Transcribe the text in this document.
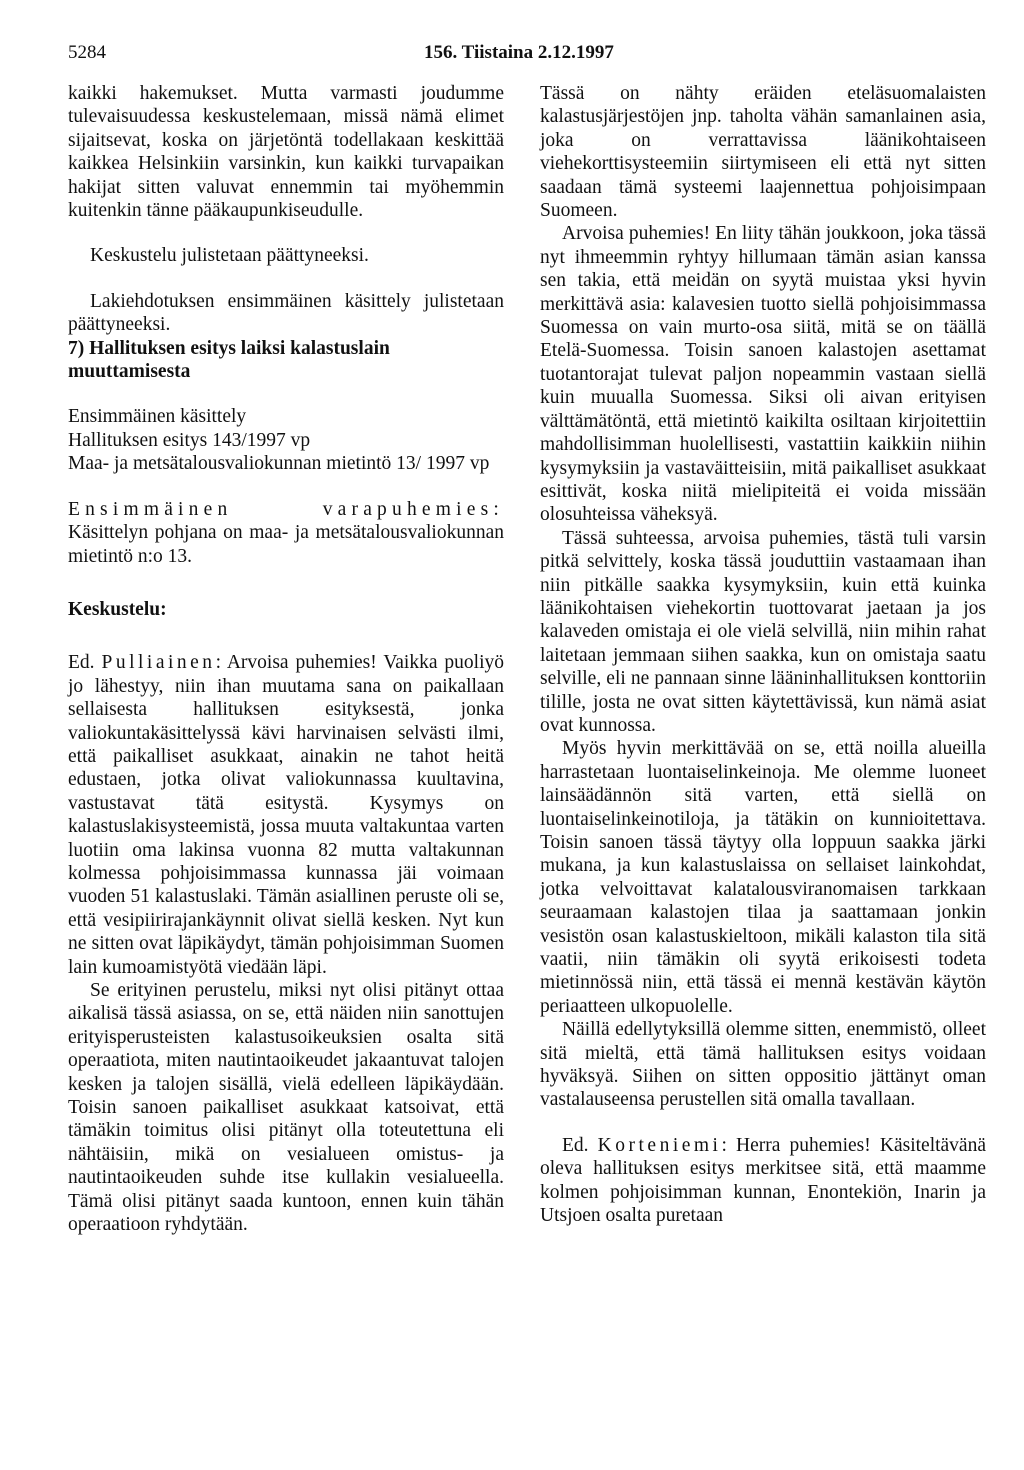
5284	156. Tiistaina 2.12.1997

kaikki hakemukset. Mutta varmasti joudumme tulevaisuudessa keskustelemaan, missä nämä elimet sijaitsevat, koska on järjetöntä todellakaan keskittää kaikkea Helsinkiin varsinkin, kun kaikki turvapaikan hakijat sitten valuvat ennemmin tai myöhemmin kuitenkin tänne pääkaupunkiseudulle.

Keskustelu julistetaan päättyneeksi.

Lakiehdotuksen ensimmäinen käsittely julistetaan päättyneeksi.

7) Hallituksen esitys laiksi kalastuslain muuttamisesta

Ensimmäinen käsittely

Hallituksen esitys 143/1997 vp

Maa- ja metsätalousvaliokunnan mietintö 13/ 1997 vp

Ensimmäinen varapuhemies: Käsittelyn pohjana on maa- ja metsätalousvaliokunnan mietintö n:o 13.

Keskustelu:

Ed. Pulliainen: Arvoisa puhemies! Vaikka puoliyö jo lähestyy, niin ihan muutama sana on paikallaan sellaisesta hallituksen esityksestä, jonka valiokuntakäsittelyssä kävi harvinaisen selvästi ilmi, että paikalliset asukkaat, ainakin ne tahot heitä edustaen, jotka olivat valiokunnassa kuultavina, vastustavat tätä esitystä. Kysymys on kalastuslakisysteemistä, jossa muuta valtakuntaa varten luotiin oma lakinsa vuonna 82 mutta valtakunnan kolmessa pohjoisimmassa kunnassa jäi voimaan vuoden 51 kalastuslaki. Tämän asiallinen peruste oli se, että vesipiirirajankäynnit olivat siellä kesken. Nyt kun ne sitten ovat läpikäydyt, tämän pohjoisimman Suomen lain kumoamistyötä viedään läpi.

Se erityinen perustelu, miksi nyt olisi pitänyt ottaa aikalisä tässä asiassa, on se, että näiden niin sanottujen erityisperusteisten kalastusoikeuksien osalta sitä operaatiota, miten nautintaoikeudet jakaantuvat talojen kesken ja talojen sisällä, vielä edelleen läpikäydään. Toisin sanoen paikalliset asukkaat katsoivat, että tämäkin toimitus olisi pitänyt olla toteutettuna eli nähtäisiin, mikä on vesialueen omistus- ja nautintaoikeuden suhde itse kullakin vesialueella. Tämä olisi pitänyt saada kuntoon, ennen kuin tähän operaatioon ryhdytään.

Tässä on nähty eräiden eteläsuomalaisten kalastusjärjestöjen jnp. taholta vähän samanlainen asia, joka on verrattavissa läänikohtaiseen viehekorttisysteemiin siirtymiseen eli että nyt sitten saadaan tämä systeemi laajennettua pohjoisimpaan Suomeen.

Arvoisa puhemies! En liity tähän joukkoon, joka tässä nyt ihmeemmin ryhtyy hillumaan tämän asian kanssa sen takia, että meidän on syytä muistaa yksi hyvin merkittävä asia: kalavesien tuotto siellä pohjoisimmassa Suomessa on vain murto-osa siitä, mitä se on täällä Etelä-Suomessa. Toisin sanoen kalastojen asettamat tuotantorajat tulevat paljon nopeammin vastaan siellä kuin muualla Suomessa. Siksi oli aivan erityisen välttämätöntä, että mietintö kaikilta osiltaan kirjoitettiin mahdollisimman huolellisesti, vastattiin kaikkiin niihin kysymyksiin ja vastaväitteisiin, mitä paikalliset asukkaat esittivät, koska niitä mielipiteitä ei voida missään olosuhteissa väheksyä.

Tässä suhteessa, arvoisa puhemies, tästä tuli varsin pitkä selvittely, koska tässä jouduttiin vastaamaan ihan niin pitkälle saakka kysymyksiin, kuin että kuinka läänikohtaisen viehekortin tuottovarat jaetaan ja jos kalaveden omistaja ei ole vielä selvillä, niin mihin rahat laitetaan jemmaan siihen saakka, kun on omistaja saatu selville, eli ne pannaan sinne lääninhallituksen konttoriin tilille, josta ne ovat sitten käytettävissä, kun nämä asiat ovat kunnossa.

Myös hyvin merkittävää on se, että noilla alueilla harrastetaan luontaiselinkeinoja. Me olemme luoneet lainsäädännön sitä varten, että siellä on luontaiselinkeinotiloja, ja tätäkin on kunnioitettava. Toisin sanoen tässä täytyy olla loppuun saakka järki mukana, ja kun kalastuslaissa on sellaiset lainkohdat, jotka velvoittavat kalatalousviranomaisen tarkkaan seuraamaan kalastojen tilaa ja saattamaan jonkin vesistön osan kalastuskieltoon, mikäli kalaston tila sitä vaatii, niin tämäkin oli syytä erikoisesti todeta mietinnössä niin, että tässä ei mennä kestävän käytön periaatteen ulkopuolelle.

Näillä edellytyksillä olemme sitten, enemmistö, olleet sitä mieltä, että tämä hallituksen esitys voidaan hyväksyä. Siihen on sitten oppositio jättänyt oman vastalauseensa perustellen sitä omalla tavallaan.

Ed. Korteniemi: Herra puhemies! Käsiteltävänä oleva hallituksen esitys merkitsee sitä, että maamme kolmen pohjoisimman kunnan, Enontekiön, Inarin ja Utsjoen osalta puretaan
